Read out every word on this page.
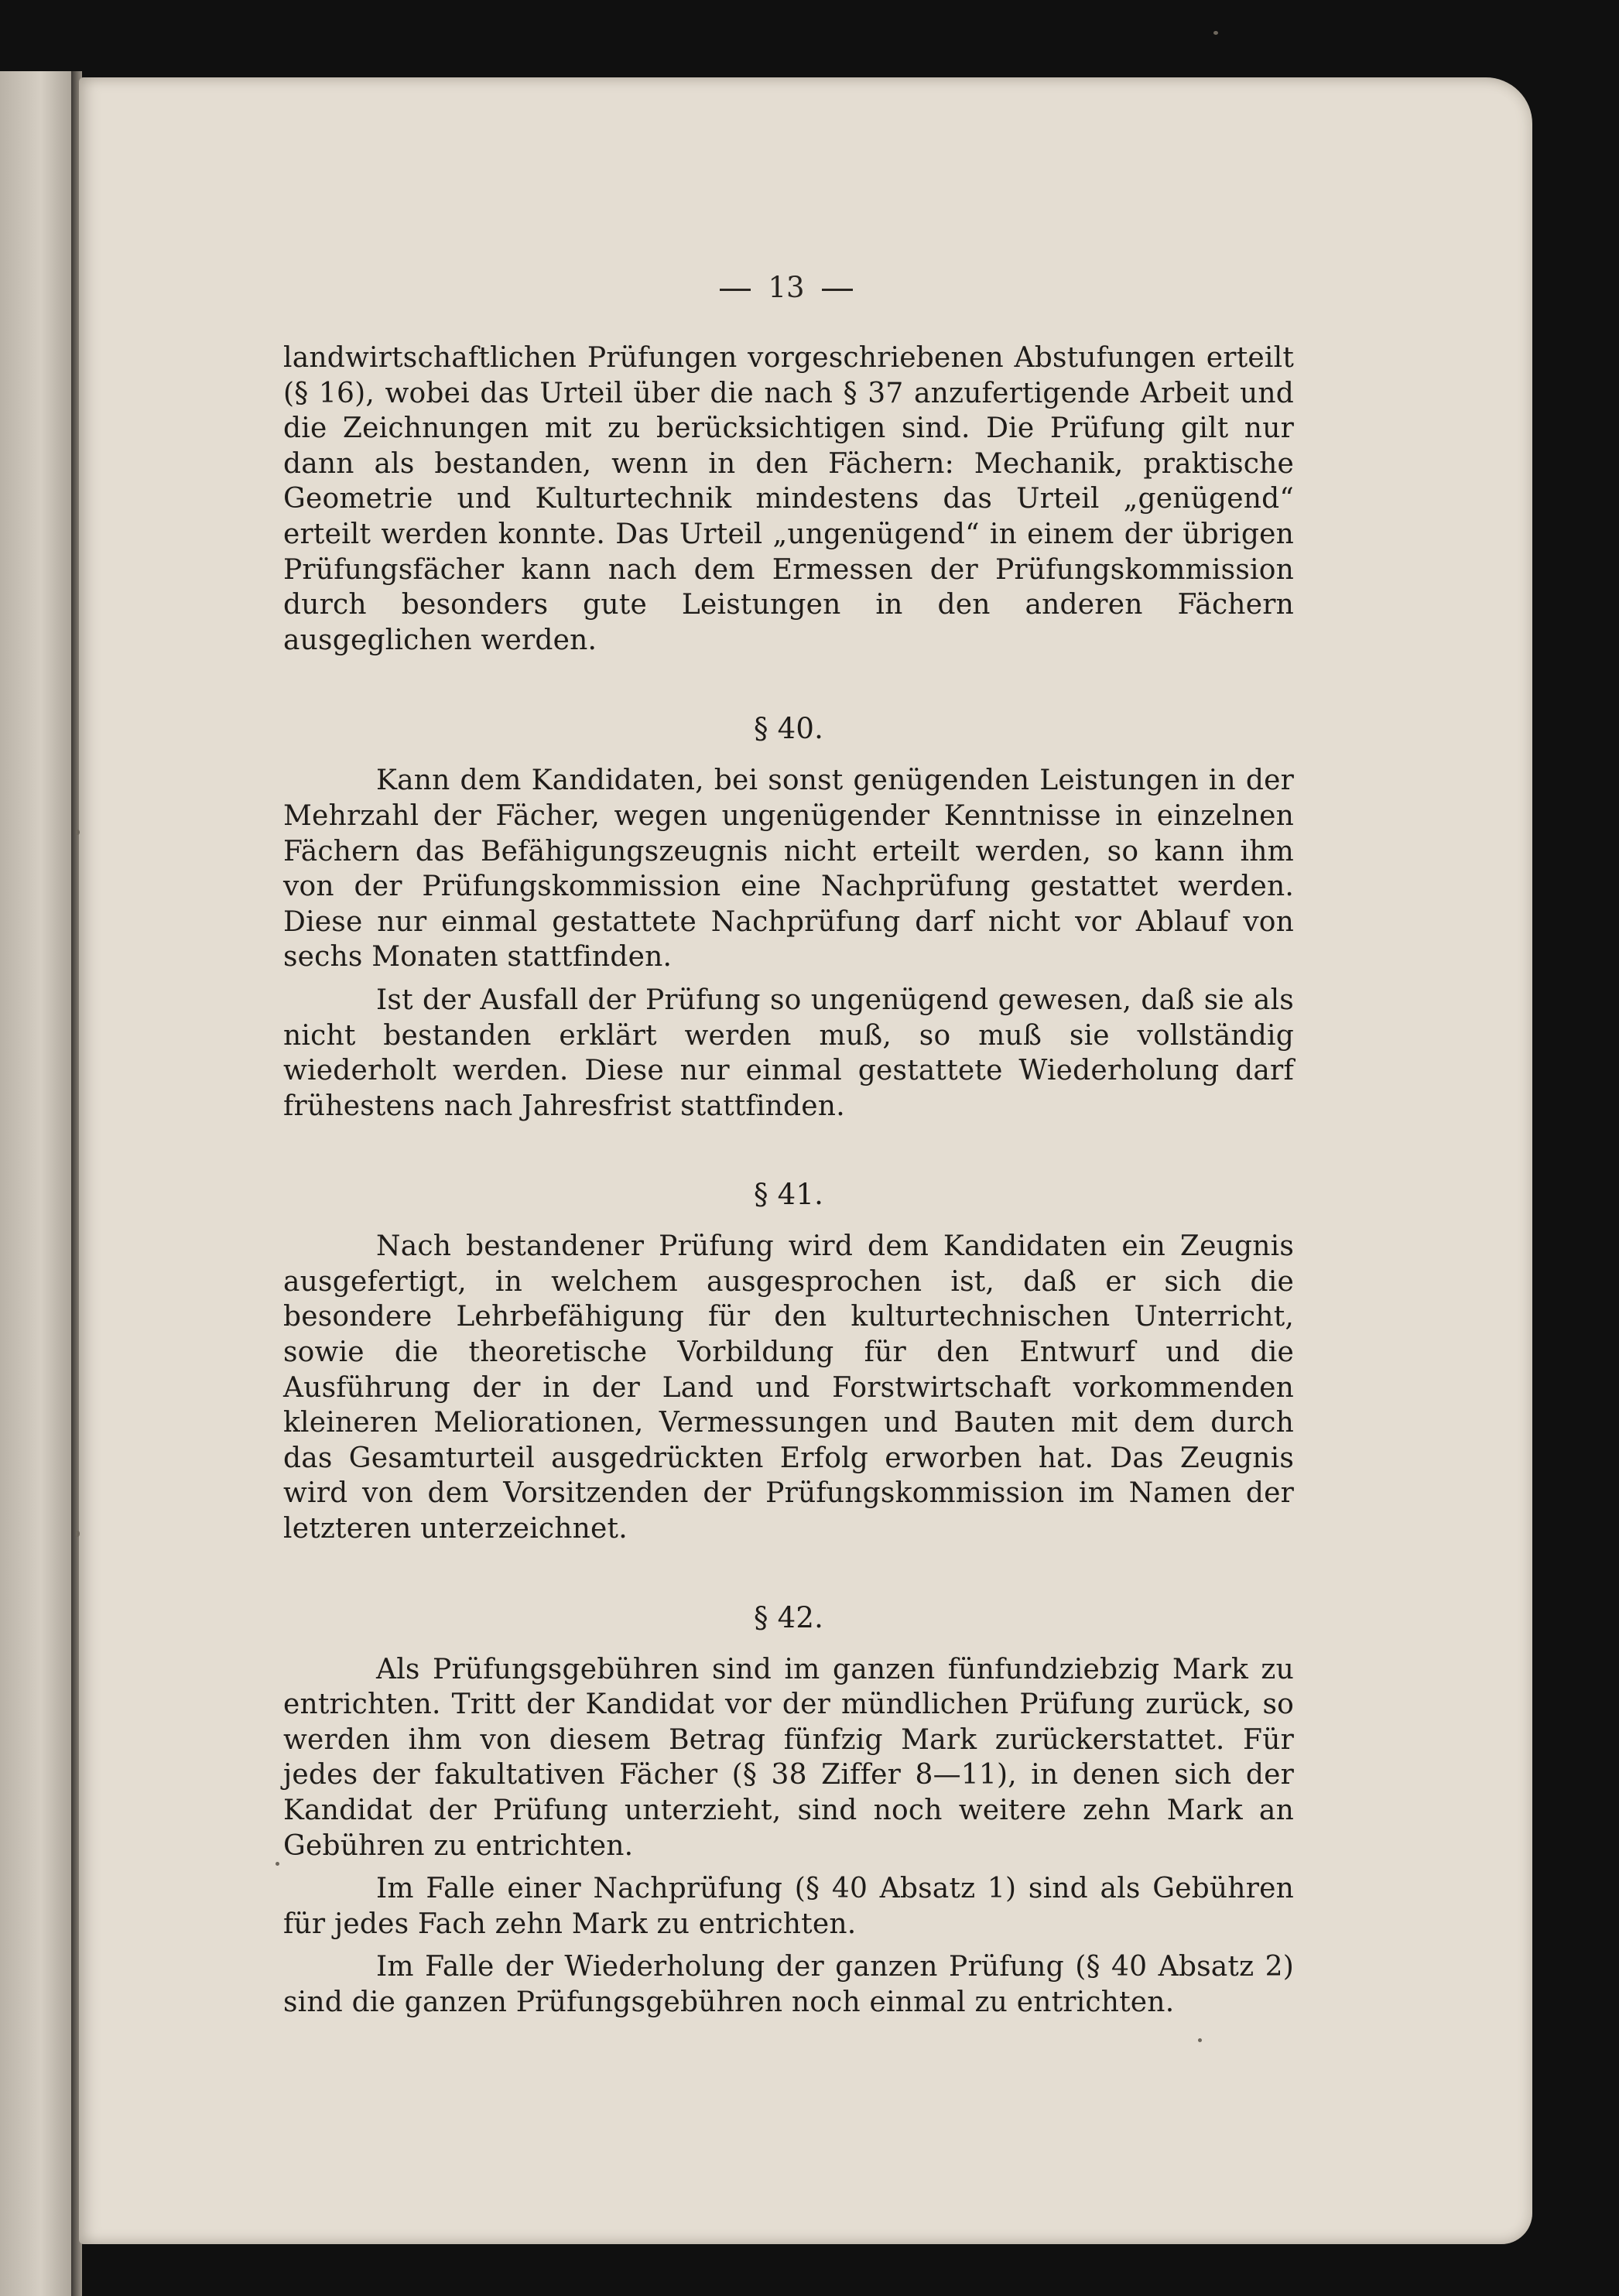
13

landwirtschaftlichen Prüfungen vorgeschriebenen Abstufungen erteilt (§ 16), wobei das Urteil über die nach § 37 anzufertigende Arbeit und die Zeichnungen mit zu berücksichtigen sind. Die Prüfung gilt nur dann als bestanden, wenn in den Fächern: Mechanik, praktische Geometrie und Kulturtechnik mindestens das Urteil „genügend“ erteilt werden konnte. Das Urteil „ungenügend“ in einem der übrigen Prüfungsfächer kann nach dem Ermessen der Prüfungskommission durch besonders gute Leistungen in den anderen Fächern ausgeglichen werden.

§ 40.

Kann dem Kandidaten, bei sonst genügenden Leistungen in der Mehrzahl der Fächer, wegen ungenügender Kenntnisse in einzelnen Fächern das Befähigungszeugnis nicht erteilt werden, so kann ihm von der Prüfungskommission eine Nachprüfung gestattet werden. Diese nur einmal gestattete Nachprüfung darf nicht vor Ablauf von sechs Monaten stattfinden.

Ist der Ausfall der Prüfung so ungenügend gewesen, daß sie als nicht bestanden erklärt werden muß, so muß sie vollständig wiederholt werden. Diese nur einmal gestattete Wiederholung darf frühestens nach Jahresfrist stattfinden.

§ 41.

Nach bestandener Prüfung wird dem Kandidaten ein Zeugnis ausgefertigt, in welchem ausgesprochen ist, daß er sich die besondere Lehrbefähigung für den kulturtechnischen Unterricht, sowie die theoretische Vorbildung für den Entwurf und die Ausführung der in der Land und Forstwirtschaft vorkommenden kleineren Meliorationen, Vermessungen und Bauten mit dem durch das Gesamturteil ausgedrückten Erfolg erworben hat. Das Zeugnis wird von dem Vorsitzenden der Prüfungskommission im Namen der letzteren unterzeichnet.

§ 42.

Als Prüfungsgebühren sind im ganzen fünfundziebzig Mark zu entrichten. Tritt der Kandidat vor der mündlichen Prüfung zurück, so werden ihm von diesem Betrag fünfzig Mark zurückerstattet. Für jedes der fakultativen Fächer (§ 38 Ziffer 8—11), in denen sich der Kandidat der Prüfung unterzieht, sind noch weitere zehn Mark an Gebühren zu entrichten.

Im Falle einer Nachprüfung (§ 40 Absatz 1) sind als Gebühren für jedes Fach zehn Mark zu entrichten.

Im Falle der Wiederholung der ganzen Prüfung (§ 40 Absatz 2) sind die ganzen Prüfungsgebühren noch einmal zu entrichten.
